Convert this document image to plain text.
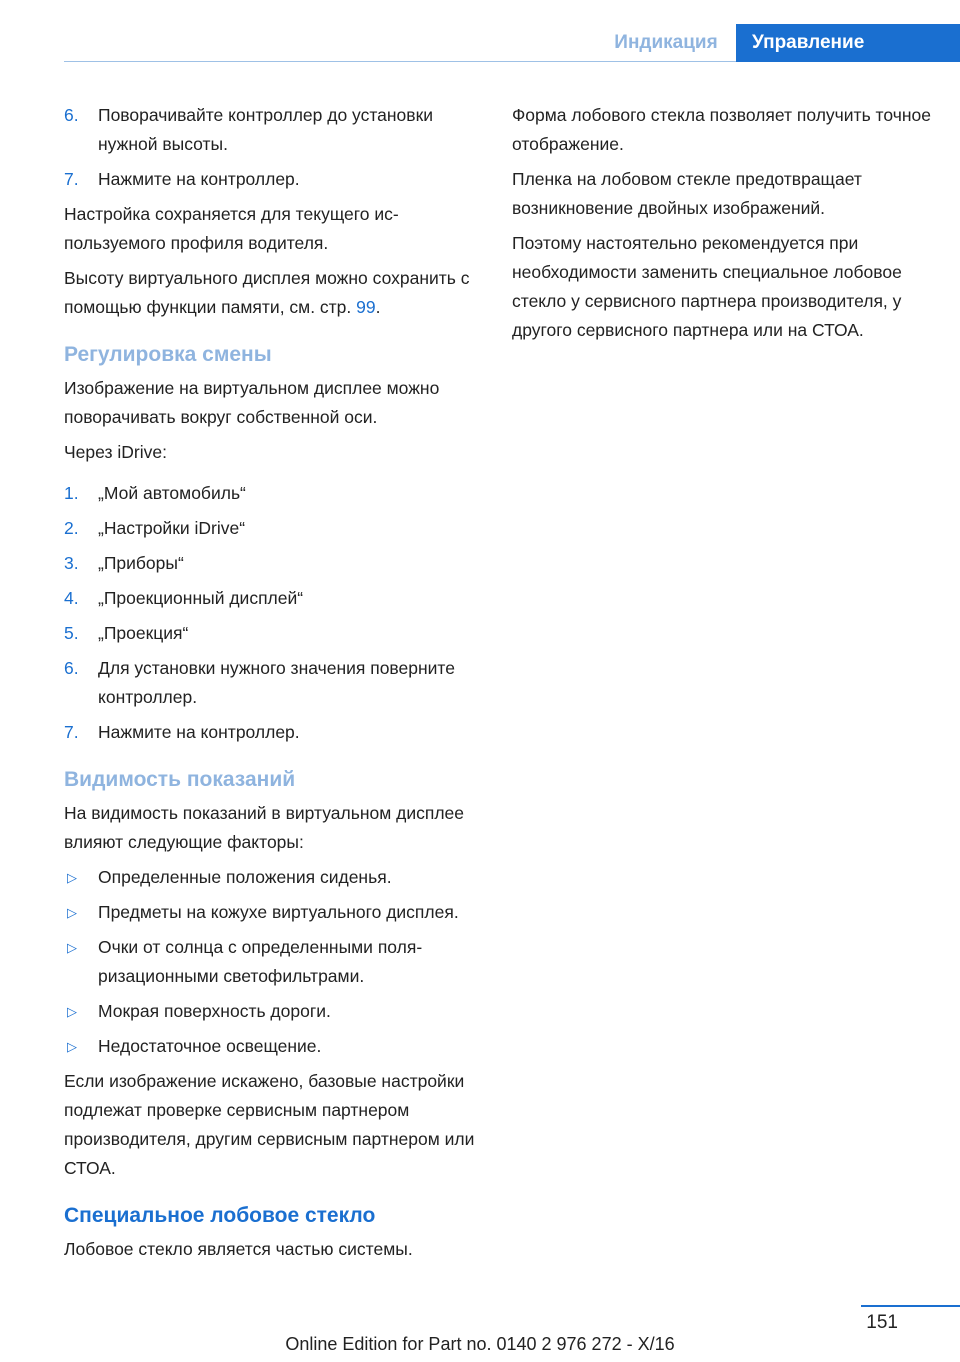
Индикация	Управление
6. Поворачивайте контроллер до установки нужной высоты.
7. Нажмите на контроллер.

Настройка сохраняется для текущего используемого профиля водителя.

Высоту виртуального дисплея можно сохранить с помощью функции памяти, см. стр. 99.

Регулировка смены

Изображение на виртуальном дисплее можно поворачивать вокруг собственной оси.

Через iDrive:

1. „Мой автомобиль“
2. „Настройки iDrive“
3. „Приборы“
4. „Проекционный дисплей“
5. „Проекция“
6. Для установки нужного значения поверните контроллер.
7. Нажмите на контроллер.
Видимость показаний

На видимость показаний в виртуальном дисплее влияют следующие факторы:

▷ Определенные положения сиденья.
▷ Предметы на кожухе виртуального дисплея.
▷ Очки от солнца с определенными поляризационными светофильтрами.
▷ Мокрая поверхность дороги.
▷ Недостаточное освещение.

Если изображение искажено, базовые настройки подлежат проверке сервисным партнером производителя, другим сервисным партнером или СТОА.

Специальное лобовое стекло

Лобовое стекло является частью системы.

Форма лобового стекла позволяет получить точное отображение.

Пленка на лобовом стекле предотвращает возникновение двойных изображений.

Поэтому настоятельно рекомендуется при необходимости заменить специальное лобовое стекло у сервисного партнера производителя, у другого сервисного партнера или на СТОА.

151
Online Edition for Part no. 0140 2 976 272 - X/16
